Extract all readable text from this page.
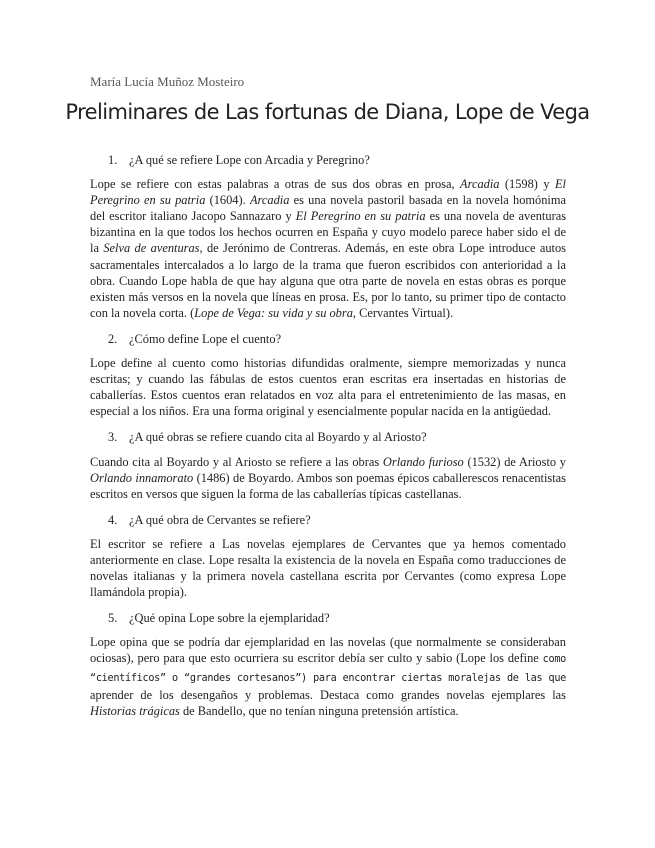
María Lucía Muñoz Mosteiro
Preliminares de Las fortunas de Diana, Lope de Vega
1. ¿A qué se refiere Lope con Arcadia y Peregrino?

Lope se refiere con estas palabras a otras de sus dos obras en prosa, Arcadia (1598) y El Peregrino en su patria (1604). Arcadia es una novela pastoril basada en la novela homónima del escritor italiano Jacopo Sannazaro y El Peregrino en su patria es una novela de aventuras bizantina en la que todos los hechos ocurren en España y cuyo modelo parece haber sido el de la Selva de aventuras, de Jerónimo de Contreras. Además, en este obra Lope introduce autos sacramentales intercalados a lo largo de la trama que fueron escribidos con anterioridad a la obra. Cuando Lope habla de que hay alguna que otra parte de novela en estas obras es porque existen más versos en la novela que líneas en prosa. Es, por lo tanto, su primer tipo de contacto con la novela corta. (Lope de Vega: su vida y su obra, Cervantes Virtual).

2. ¿Cómo define Lope el cuento?

Lope define al cuento como historias difundidas oralmente, siempre memorizadas y nunca escritas; y cuando las fábulas de estos cuentos eran escritas era insertadas en historias de caballerías. Estos cuentos eran relatados en voz alta para el entretenimiento de las masas, en especial a los niños. Era una forma original y esencialmente popular nacida en la antigüedad.

3. ¿A qué obras se refiere cuando cita al Boyardo y al Ariosto?

Cuando cita al Boyardo y al Ariosto se refiere a las obras Orlando furioso (1532) de Ariosto y Orlando innamorato (1486) de Boyardo. Ambos son poemas épicos caballerescos renacentistas escritos en versos que siguen la forma de las caballerías típicas castellanas.

4. ¿A qué obra de Cervantes se refiere?

El escritor se refiere a Las novelas ejemplares de Cervantes que ya hemos comentado anteriormente en clase. Lope resalta la existencia de la novela en España como traducciones de novelas italianas y la primera novela castellana escrita por Cervantes (como expresa Lope llamándola propia).

5. ¿Qué opina Lope sobre la ejemplaridad?

Lope opina que se podría dar ejemplaridad en las novelas (que normalmente se consideraban ociosas), pero para que esto ocurriera su escritor debía ser culto y sabio (Lope los define como “científicos” o “grandes cortesanos”) para encontrar ciertas moralejas de las que aprender de los desengaños y problemas. Destaca como grandes novelas ejemplares las Historias trágicas de Bandello, que no tenían ninguna pretensión artística.
